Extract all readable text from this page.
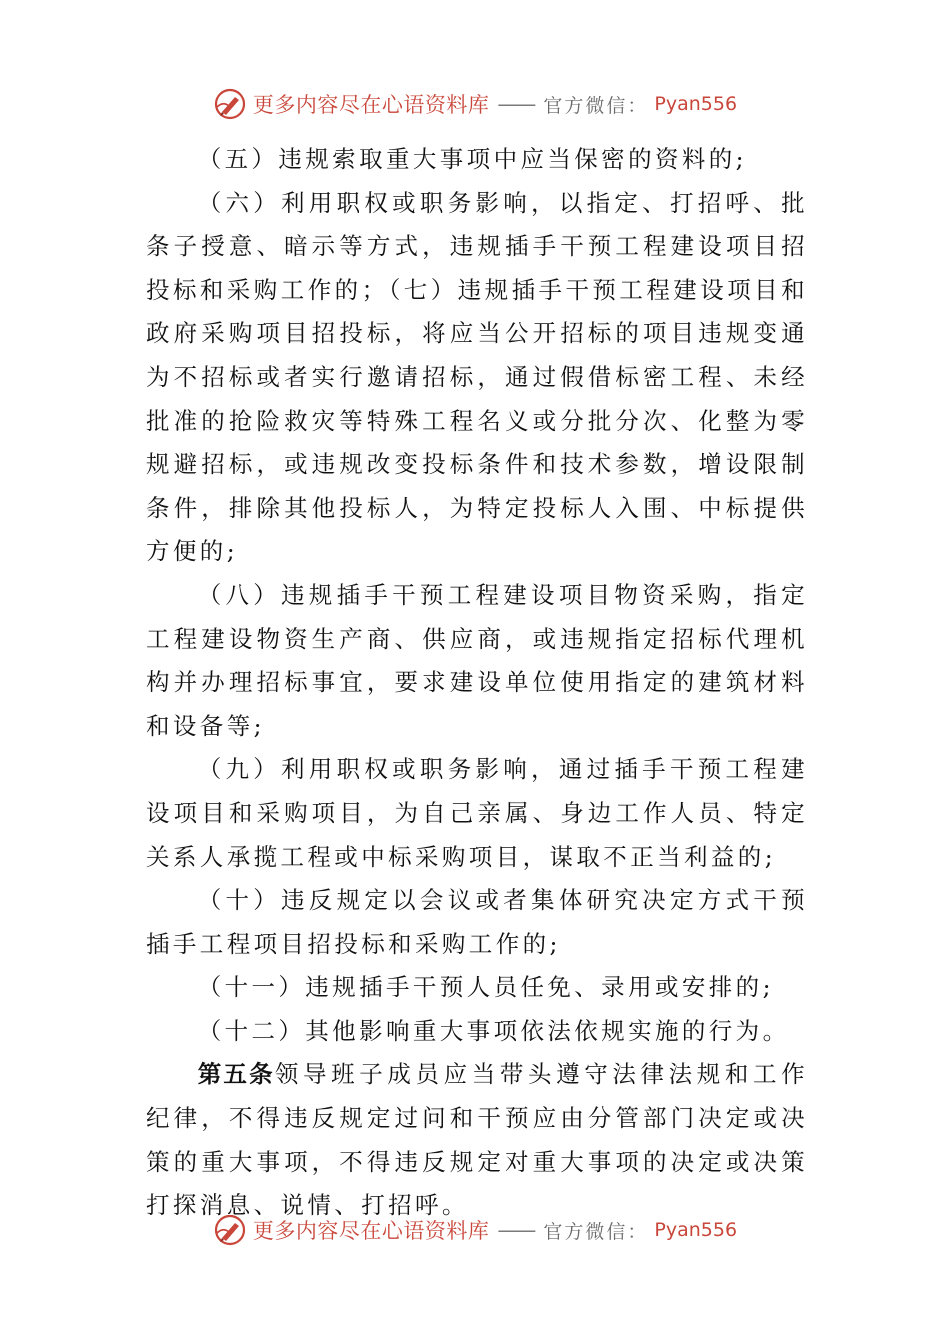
更多内容尽在心语资料库 —— 官方微信： Pyan556

（五）违规索取重大事项中应当保密的资料的;

（六）利用职权或职务影响，以指定、打招呼、批条子授意、暗示等方式，违规插手干预工程建设项目招投标和采购工作的；（七）违规插手干预工程建设项目和政府采购项目招投标，将应当公开招标的项目违规变通为不招标或者实行邀请招标，通过假借标密工程、未经批准的抢险救灾等特殊工程名义或分批分次、化整为零规避招标，或违规改变投标条件和技术参数，增设限制条件，排除其他投标人，为特定投标人入围、中标提供方便的;

（八）违规插手干预工程建设项目物资采购，指定工程建设物资生产商、供应商，或违规指定招标代理机构并办理招标事宜，要求建设单位使用指定的建筑材料和设备等;

（九）利用职权或职务影响，通过插手干预工程建设项目和采购项目，为自己亲属、身边工作人员、特定关系人承揽工程或中标采购项目，谋取不正当利益的;

（十）违反规定以会议或者集体研究决定方式干预插手工程项目招投标和采购工作的;

（十一）违规插手干预人员任免、录用或安排的;

（十二）其他影响重大事项依法依规实施的行为。

第五条领导班子成员应当带头遵守法律法规和工作纪律，不得违反规定过问和干预应由分管部门决定或决策的重大事项，不得违反规定对重大事项的决定或决策打探消息、说情、打招呼。

更多内容尽在心语资料库 —— 官方微信： Pyan556
